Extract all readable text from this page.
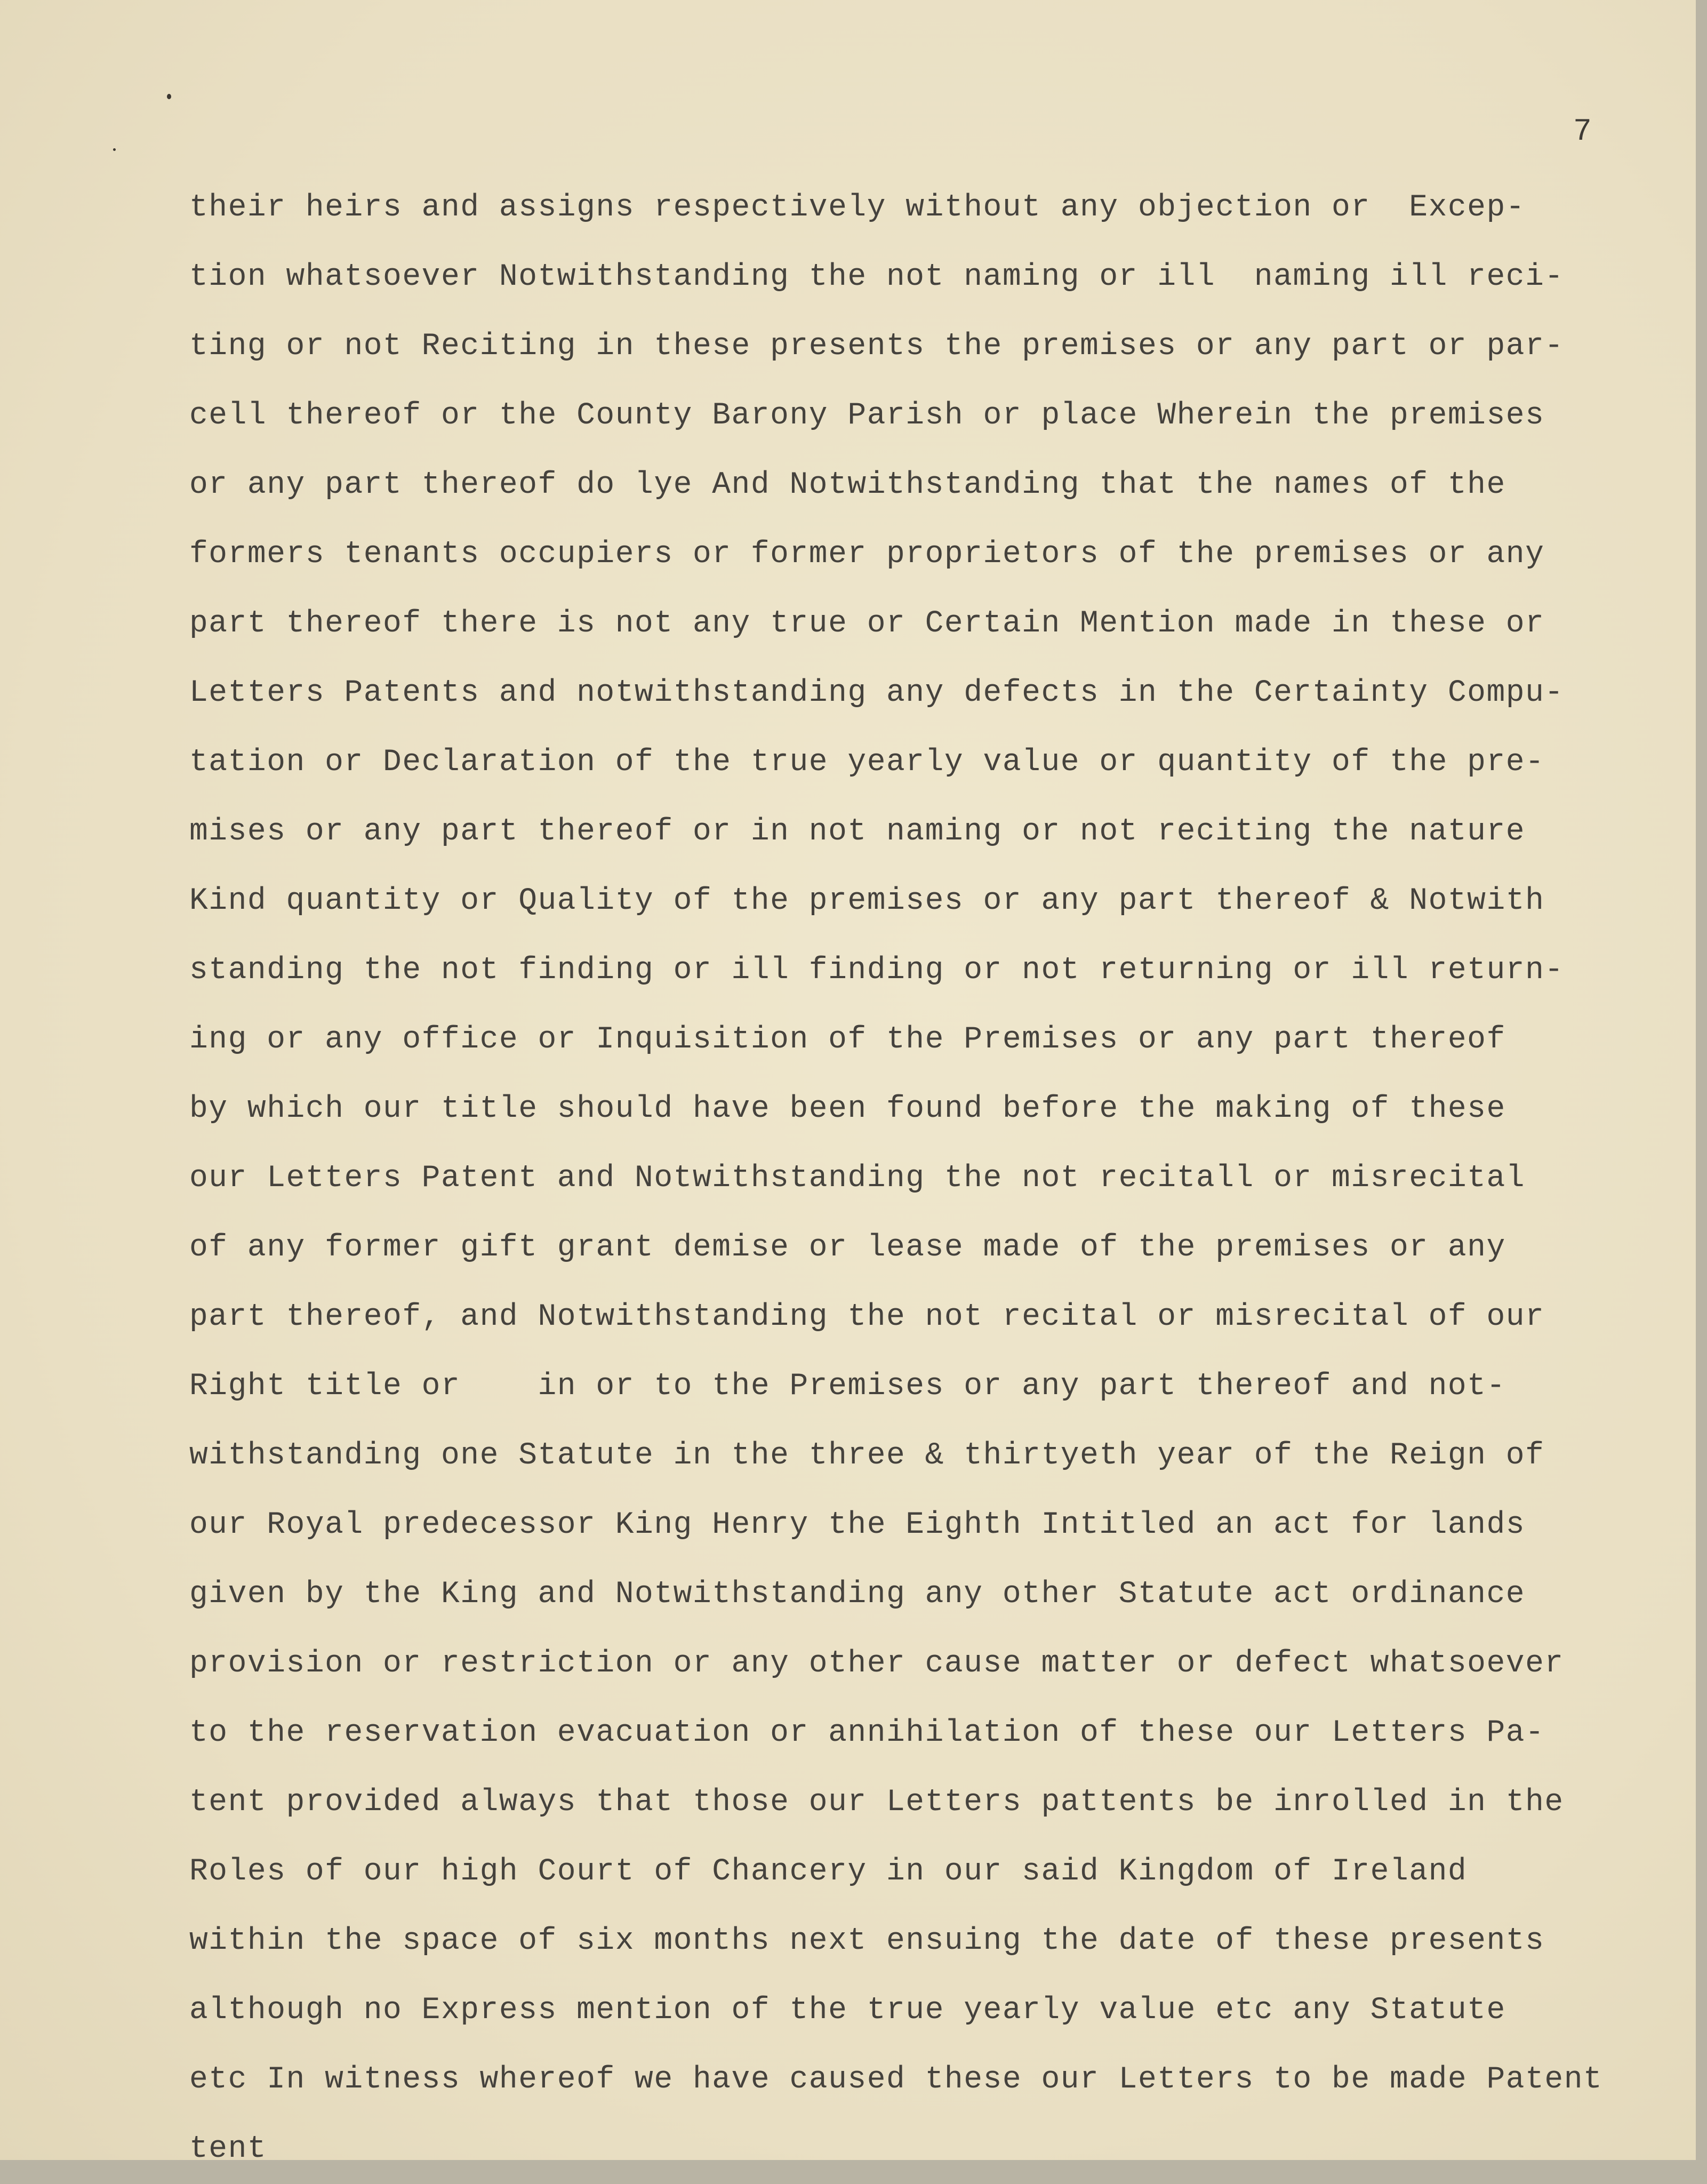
7
their heirs and assigns respectively without any objection or  Excep-
tion whatsoever Notwithstanding the not naming or ill  naming ill reci-
ting or not Reciting in these presents the premises or any part or par-
cell thereof or the County Barony Parish or place Wherein the premises
or any part thereof do lye And Notwithstanding that the names of the
formers tenants occupiers or former proprietors of the premises or any
part thereof there is not any true or Certain Mention made in these or
Letters Patents and notwithstanding any defects in the Certainty Compu-
tation or Declaration of the true yearly value or quantity of the pre-
mises or any part thereof or in not naming or not reciting the nature
Kind quantity or Quality of the premises or any part thereof & Notwith
standing the not finding or ill finding or not returning or ill return-
ing or any office or Inquisition of the Premises or any part thereof
by which our title should have been found before the making of these
our Letters Patent and Notwithstanding the not recitall or misrecital
of any former gift grant demise or lease made of the premises or any
part thereof, and Notwithstanding the not recital or misrecital of our
Right title or    in or to the Premises or any part thereof and not-
withstanding one Statute in the three & thirtyeth year of the Reign of
our Royal predecessor King Henry the Eighth Intitled an act for lands
given by the King and Notwithstanding any other Statute act ordinance
provision or restriction or any other cause matter or defect whatsoever
to the reservation evacuation or annihilation of these our Letters Pa-
tent provided always that those our Letters pattents be inrolled in the
Roles of our high Court of Chancery in our said Kingdom of Ireland
within the space of six months next ensuing the date of these presents
although no Express mention of the true yearly value etc any Statute
etc In witness whereof we have caused these our Letters to be made Patent
tent
